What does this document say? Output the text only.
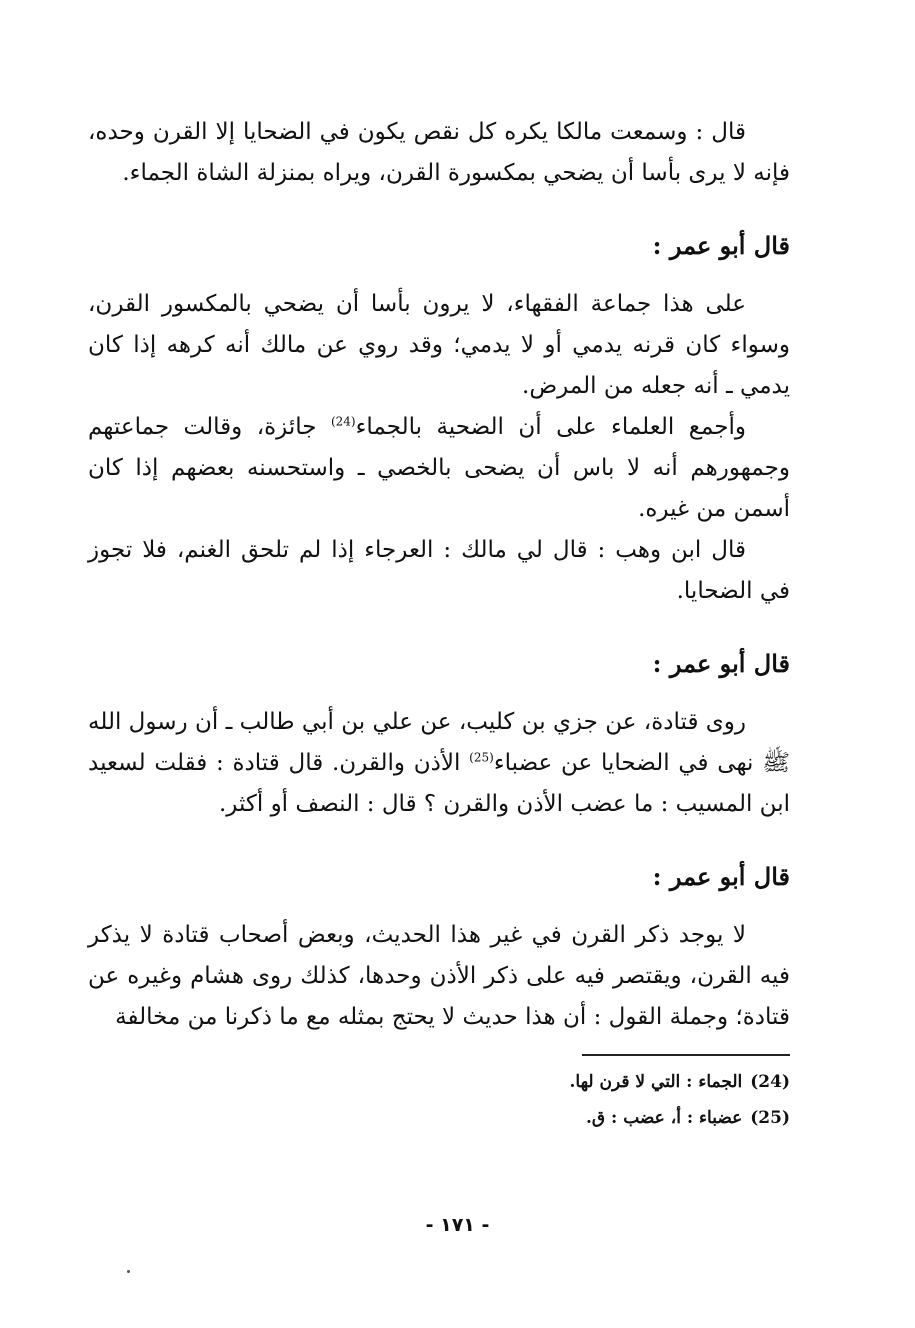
قال : وسمعت مالكا يكره كل نقص يكون في الضحايا إلا القرن وحده، فإنه لا يرى بأسا أن يضحي بمكسورة القرن، ويراه بمنزلة الشاة الجماء.

قال أبو عمر :

على هذا جماعة الفقهاء، لا يرون بأسا أن يضحي بالمكسور القرن، وسواء كان قرنه يدمي أو لا يدمي؛ وقد روي عن مالك أنه كرهه إذا كان يدمي ـ أنه جعله من المرض.

وأجمع العلماء على أن الضحية بالجماء$^{(24)}$ جائزة، وقالت جماعتهم وجمهورهم أنه لا باس أن يضحى بالخصي ـ واستحسنه بعضهم إذا كان أسمن من غيره.

قال ابن وهب : قال لي مالك : العرجاء إذا لم تلحق الغنم، فلا تجوز في الضحايا.

قال أبو عمر :

روى قتادة، عن جزي بن كليب، عن علي بن أبي طالب ـ أن رسول الله ﷺ نهى في الضحايا عن عضباء$^{(25)}$ الأذن والقرن. قال قتادة : فقلت لسعيد ابن المسيب : ما عضب الأذن والقرن ؟ قال : النصف أو أكثر.

قال أبو عمر :

لا يوجد ذكر القرن في غير هذا الحديث، وبعض أصحاب قتادة لا يذكر فيه القرن، ويقتصر فيه على ذكر الأذن وحدها، كذلك روى هشام وغيره عن قتادة؛ وجملة القول : أن هذا حديث لا يحتج بمثله مع ما ذكرنا من مخالفة

(24)الجماء : التي لا قرن لها.

(25)عضباء : أ، عضب : ق.

- ١٧١ -
